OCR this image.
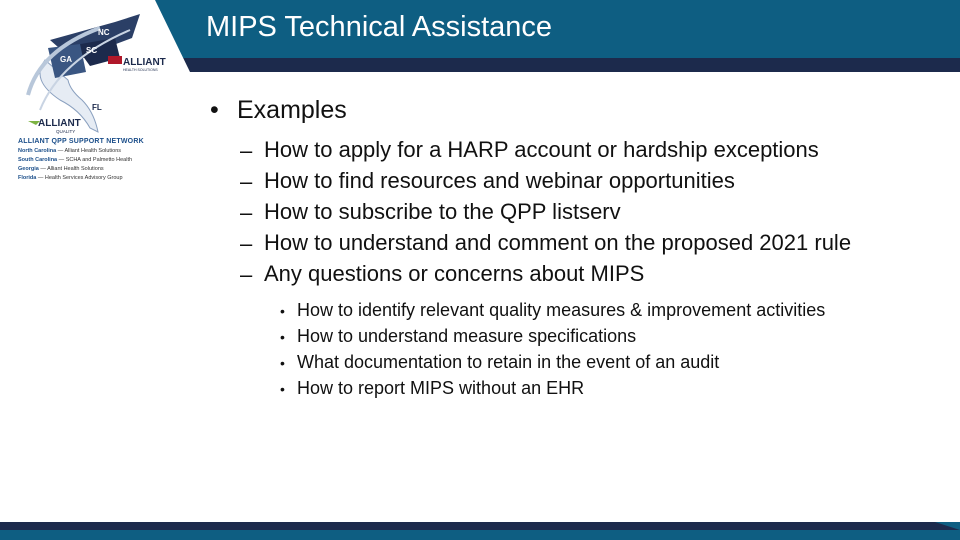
MIPS Technical Assistance
NC
SC
GA
FL
ALLIANT
HEALTH SOLUTIONS
ALLIANT
QUALITY
ALLIANT QPP SUPPORT NETWORK
North Carolina — Alliant Health Solutions
South Carolina — SCHA and Palmetto Health
Georgia — Alliant Health Solutions
Florida — Health Services Advisory Group
• Examples
– How to apply for a HARP account or hardship exceptions
– How to find resources and webinar opportunities
– How to subscribe to the QPP listserv
– How to understand and comment on the proposed 2021 rule
– Any questions or concerns about MIPS
• How to identify relevant quality measures & improvement activities
• How to understand measure specifications
• What documentation to retain in the event of an audit
• How to report MIPS without an EHR
